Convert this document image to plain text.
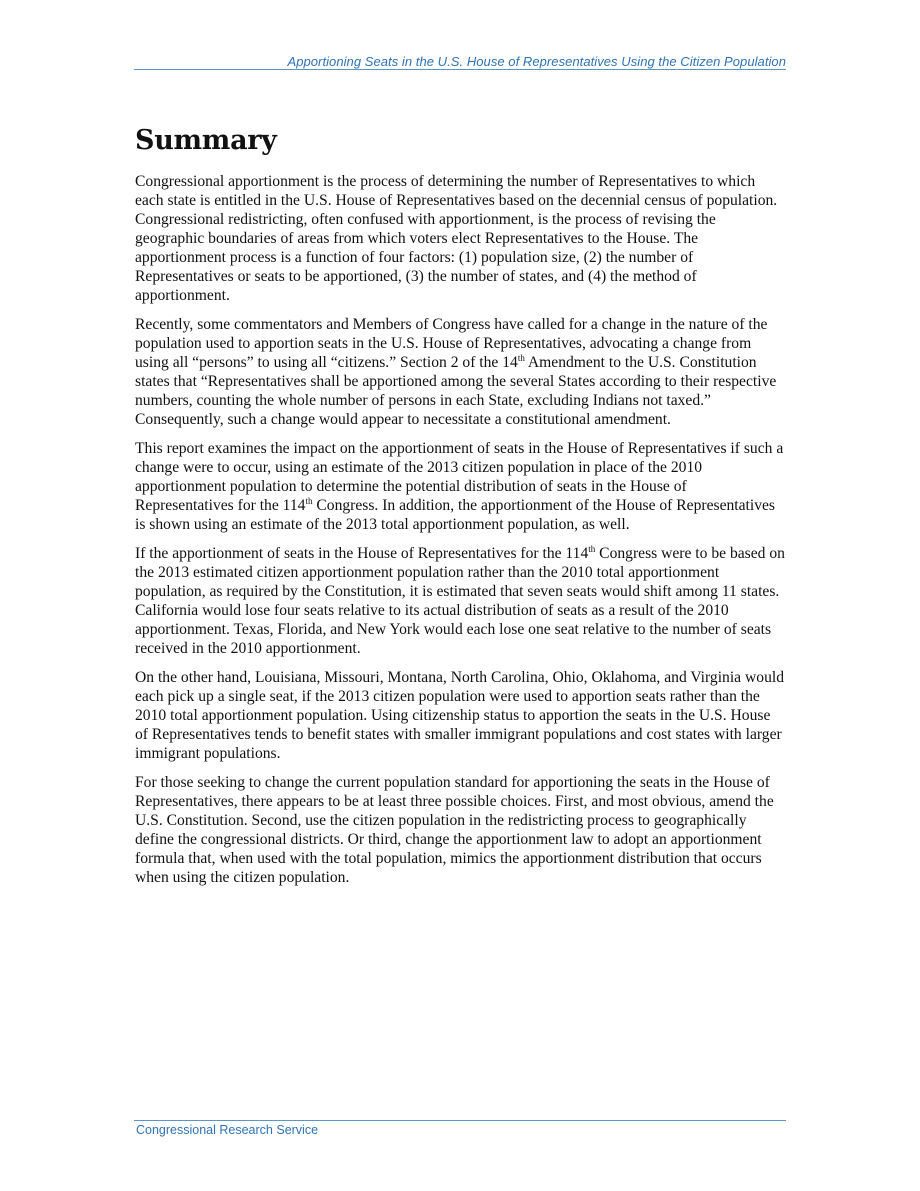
Apportioning Seats in the U.S. House of Representatives Using the Citizen Population
Summary

Congressional apportionment is the process of determining the number of Representatives to which each state is entitled in the U.S. House of Representatives based on the decennial census of population. Congressional redistricting, often confused with apportionment, is the process of revising the geographic boundaries of areas from which voters elect Representatives to the House. The apportionment process is a function of four factors: (1) population size, (2) the number of Representatives or seats to be apportioned, (3) the number of states, and (4) the method of apportionment.

Recently, some commentators and Members of Congress have called for a change in the nature of the population used to apportion seats in the U.S. House of Representatives, advocating a change from using all “persons” to using all “citizens.” Section 2 of the 14th Amendment to the U.S. Constitution states that “Representatives shall be apportioned among the several States according to their respective numbers, counting the whole number of persons in each State, excluding Indians not taxed.” Consequently, such a change would appear to necessitate a constitutional amendment.

This report examines the impact on the apportionment of seats in the House of Representatives if such a change were to occur, using an estimate of the 2013 citizen population in place of the 2010 apportionment population to determine the potential distribution of seats in the House of Representatives for the 114th Congress. In addition, the apportionment of the House of Representatives is shown using an estimate of the 2013 total apportionment population, as well.

If the apportionment of seats in the House of Representatives for the 114th Congress were to be based on the 2013 estimated citizen apportionment population rather than the 2010 total apportionment population, as required by the Constitution, it is estimated that seven seats would shift among 11 states. California would lose four seats relative to its actual distribution of seats as a result of the 2010 apportionment. Texas, Florida, and New York would each lose one seat relative to the number of seats received in the 2010 apportionment.

On the other hand, Louisiana, Missouri, Montana, North Carolina, Ohio, Oklahoma, and Virginia would each pick up a single seat, if the 2013 citizen population were used to apportion seats rather than the 2010 total apportionment population. Using citizenship status to apportion the seats in the U.S. House of Representatives tends to benefit states with smaller immigrant populations and cost states with larger immigrant populations.

For those seeking to change the current population standard for apportioning the seats in the House of Representatives, there appears to be at least three possible choices. First, and most obvious, amend the U.S. Constitution. Second, use the citizen population in the redistricting process to geographically define the congressional districts. Or third, change the apportionment law to adopt an apportionment formula that, when used with the total population, mimics the apportionment distribution that occurs when using the citizen population.

Congressional Research Service
